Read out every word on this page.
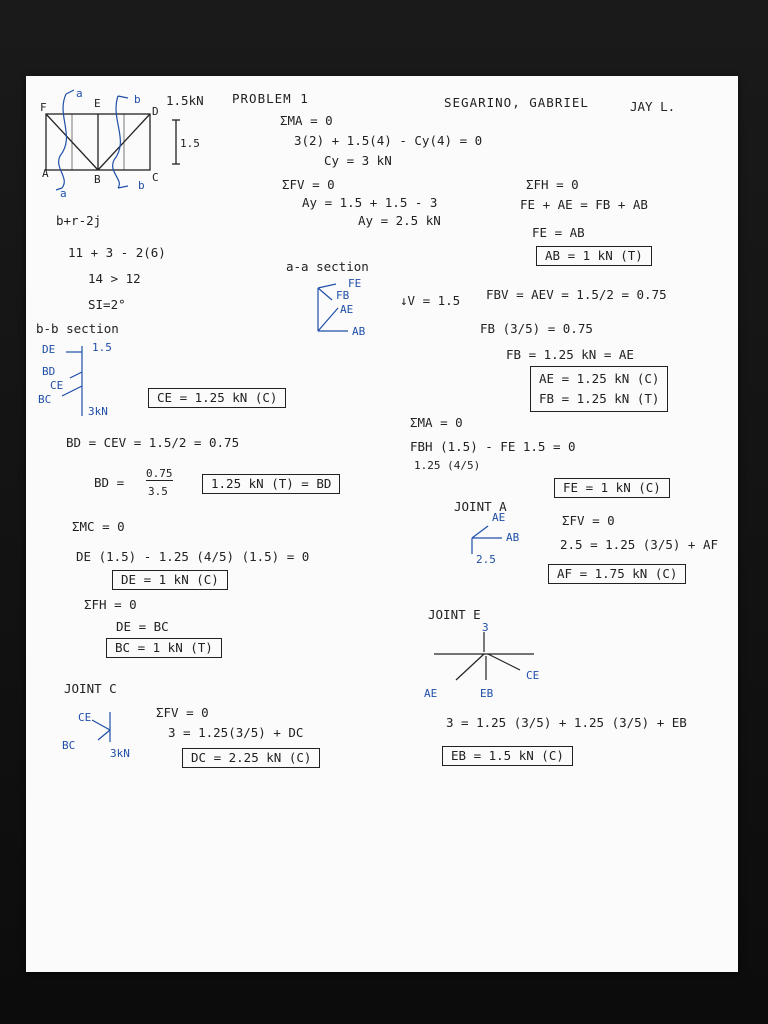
F	E
D
A	B	C
a
a
b
b
1.5
1.5kN PROBLEM 1	SEGARINO, GABRIEL	JAY L.
ΣMA = 0
3(2) + 1.5(4) - Cy(4) = 0
Cy = 3 kN
ΣFV = 0
Ay = 1.5 + 1.5 - 3
Ay = 2.5 kN
a-a section
FE
FB
AE
AB
↓V = 1.5
ΣFH = 0
FE + AE = FB + AB
FE = AB
AB = 1 kN (T)
FBV = AEV = 1.5/2 = 0.75
FB (3/5) = 0.75
FB = 1.25 kN = AE
AE = 1.25 kN (C)
FB = 1.25 kN (T)
b+r-2j
11 + 3 - 2(6)
14 > 12
SI=2°
b-b section
DE	1.5
BD
CE
BC
3kN
CE = 1.25 kN (C)
ΣMA = 0
FBH (1.5) - FE 1.5 = 0
1.25 (4/5)
BD = CEV = 1.5/2 = 0.75
BD =
0.75
3.5
1.25 kN (T) = BD
JOINT A
AE
AB
2.5
FE = 1 kN (C)
ΣFV = 0
2.5 = 1.25 (3/5) + AF
AF = 1.75 kN (C)
ΣMC = 0
DE (1.5) - 1.25 (4/5) (1.5) = 0
DE = 1 kN (C)
ΣFH = 0
DE = BC
BC = 1 kN (T)
JOINT E
3
AE	EB
CE
JOINT C
CE
BC
3kN
ΣFV = 0
3 = 1.25(3/5) + DC
DC = 2.25 kN (C)
3 = 1.25 (3/5) + 1.25 (3/5) + EB
EB = 1.5 kN (C)
